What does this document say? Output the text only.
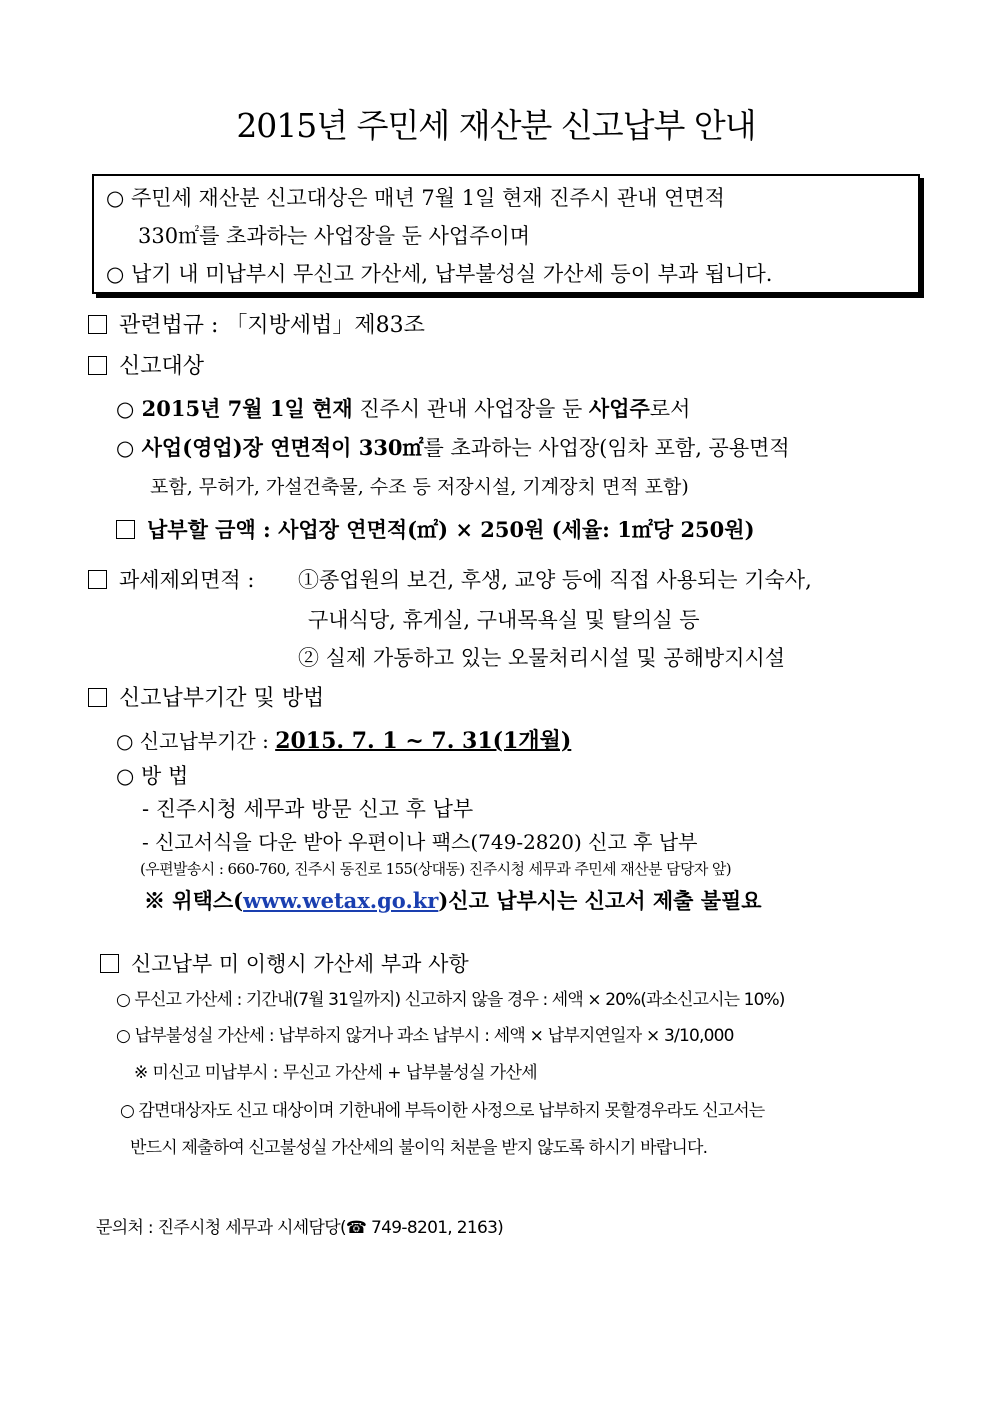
2015년 주민세 재산분 신고납부 안내
○ 주민세 재산분 신고대상은 매년 7월 1일 현재 진주시 관내 연면적
330㎡를 초과하는 사업장을 둔 사업주이며
○ 납기 내 미납부시 무신고 가산세, 납부불성실 가산세 등이 부과 됩니다.
관련법규 : 「지방세법」제83조
신고대상
○ 2015년 7월 1일 현재 진주시 관내 사업장을 둔 사업주로서
○ 사업(영업)장 연면적이 330㎡를 초과하는 사업장(임차 포함, 공용면적
포함, 무허가, 가설건축물, 수조 등 저장시설, 기계장치 면적 포함)
납부할 금액 : 사업장 연면적(㎡) × 250원 (세율: 1㎡당 250원)
과세제외면적 : ①종업원의 보건, 후생, 교양 등에 직접 사용되는 기숙사,
구내식당, 휴게실, 구내목욕실 및 탈의실 등
② 실제 가동하고 있는 오물처리시설 및 공해방지시설
신고납부기간 및 방법
○ 신고납부기간 : 2015. 7. 1 ~ 7. 31(1개월)
○ 방 법
- 진주시청 세무과 방문 신고 후 납부
- 신고서식을 다운 받아 우편이나 팩스(749-2820) 신고 후 납부
(우편발송시 : 660-760, 진주시 동진로 155(상대동) 진주시청 세무과 주민세 재산분 담당자 앞)
※ 위택스(www.wetax.go.kr)신고 납부시는 신고서 제출 불필요
신고납부 미 이행시 가산세 부과 사항
○ 무신고 가산세 : 기간내(7월 31일까지) 신고하지 않을 경우 : 세액 × 20%(과소신고시는 10%)
○ 납부불성실 가산세 : 납부하지 않거나 과소 납부시 : 세액 × 납부지연일자 × 3/10,000
※ 미신고 미납부시 : 무신고 가산세 + 납부불성실 가산세
○ 감면대상자도 신고 대상이며 기한내에 부득이한 사정으로 납부하지 못할경우라도 신고서는
반드시 제출하여 신고불성실 가산세의 불이익 처분을 받지 않도록 하시기 바랍니다.
문의처 : 진주시청 세무과 시세담당(☎ 749-8201, 2163)
